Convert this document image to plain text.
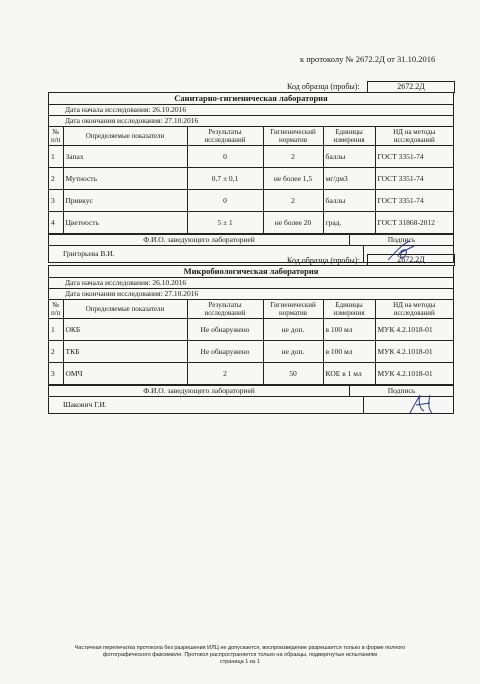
к протоколу № 2672.2Д от 31.10.2016
Код образца (пробы):	2672.2Д
Санитарно-гигиеническая лаборатория
Дата начала исследования: 26.10.2016
Дата окончания исследования: 27.10.2016
№ п/п	Определяемые показатели	Результаты исследований	Гигиенический норматив	Единицы измерения	НД на методы исследований
1	Запах	0	2	баллы	ГОСТ 3351-74
2	Мутность	0,7 ± 0,1	не более 1,5	мг/дм3	ГОСТ 3351-74
3	Привкус	0	2	баллы	ГОСТ 3351-74
4	Цветность	5 ± 1	не более 20	град.	ГОСТ 31868-2012
Ф.И.О. заведующего лабораторией	Подпись
Григорьева В.И.
Код образца (пробы):	2672.2Д
Микробиологическая лаборатория
Дата начала исследования: 26.10.2016
Дата окончания исследования: 27.10.2016
№ п/п	Определяемые показатели	Результаты исследований	Гигиенический норматив	Единицы измерения	НД на методы исследований
1	ОКБ	Не обнаружено	не доп.	в 100 мл	МУК 4.2.1018-01
2	ТКБ	Не обнаружено	не доп.	в 100 мл	МУК 4.2.1018-01
3	ОМЧ	2	50	КОЕ в 1 мл	МУК 4.2.1018-01
Ф.И.О. заведующего лабораторией	Подпись
Шакович Г.И.
Частичная перепечатка протокола без разрешения ИЛЦ не допускается, воспроизведение разрешается только в форме полного
фотографического факсимиле. Протокол распространяется только на образцы, подвергнутые испытаниям
страница 1 из 1
